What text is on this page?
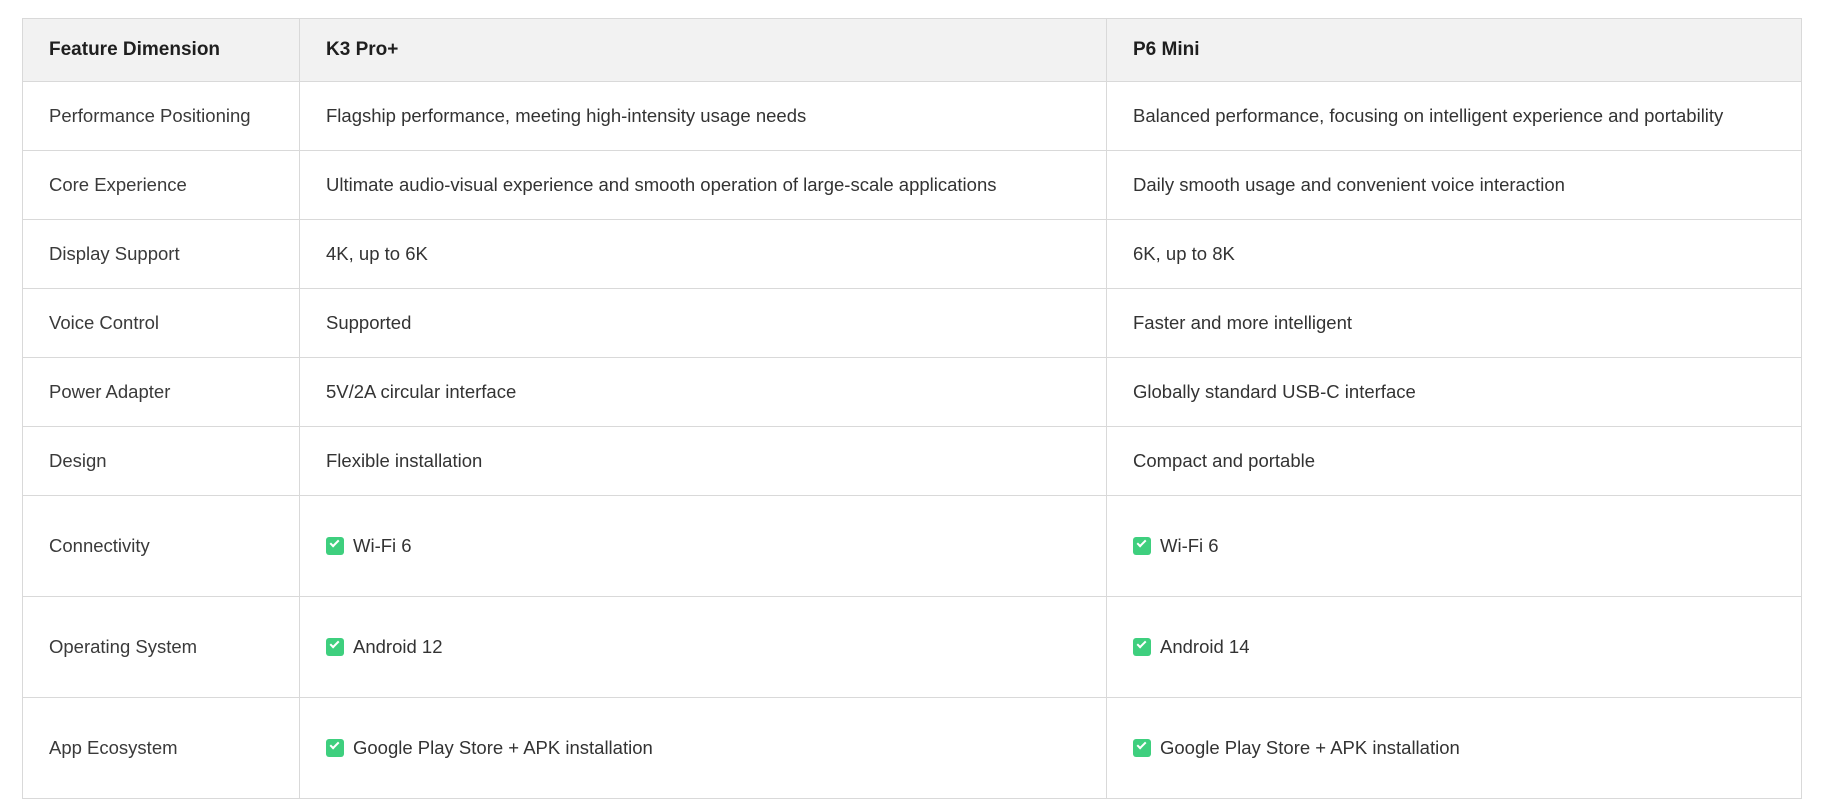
Feature Dimension	K3 Pro+	P6 Mini
Performance Positioning	Flagship performance, meeting high-intensity usage needs	Balanced performance, focusing on intelligent experience and portability
Core Experience	Ultimate audio-visual experience and smooth operation of large-scale applications	Daily smooth usage and convenient voice interaction
Display Support	4K, up to 6K	6K, up to 8K
Voice Control	Supported	Faster and more intelligent
Power Adapter	5V/2A circular interface	Globally standard USB-C interface
Design	Flexible installation	Compact and portable
Connectivity	Wi-Fi 6	Wi-Fi 6

Operating System	Android 12	Android 14

App Ecosystem	Google Play Store + APK installation	Google Play Store + APK installation
